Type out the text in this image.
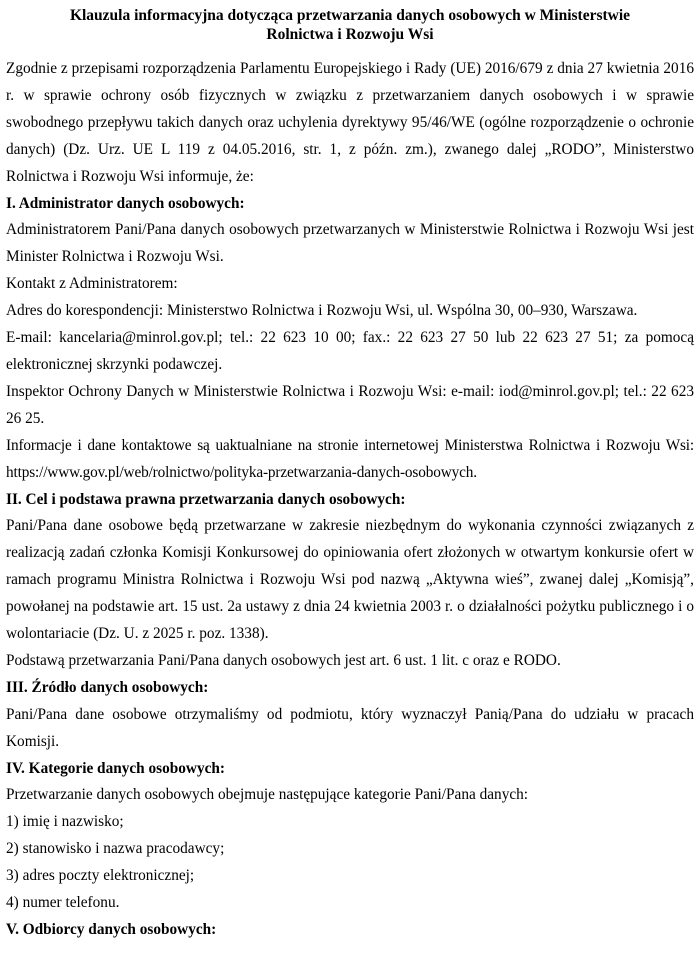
Klauzula informacyjna dotycząca przetwarzania danych osobowych w Ministerstwie
Rolnictwa i Rozwoju Wsi

Zgodnie z przepisami rozporządzenia Parlamentu Europejskiego i Rady (UE) 2016/679 z dnia 27 kwietnia 2016 r. w sprawie ochrony osób fizycznych w związku z przetwarzaniem danych osobowych i w sprawie swobodnego przepływu takich danych oraz uchylenia dyrektywy 95/46/WE (ogólne rozporządzenie o ochronie danych) (Dz. Urz. UE L 119 z 04.05.2016, str. 1, z późn. zm.), zwanego dalej „RODO”, Ministerstwo Rolnictwa i Rozwoju Wsi informuje, że:

I. Administrator danych osobowych:

Administratorem Pani/Pana danych osobowych przetwarzanych w Ministerstwie Rolnictwa i Rozwoju Wsi jest Minister Rolnictwa i Rozwoju Wsi.

Kontakt z Administratorem:

Adres do korespondencji: Ministerstwo Rolnictwa i Rozwoju Wsi, ul. Wspólna 30, 00–930, Warszawa.

E-mail: kancelaria@minrol.gov.pl; tel.: 22 623 10 00; fax.: 22 623 27 50 lub 22 623 27 51; za pomocą elektronicznej skrzynki podawczej.

Inspektor Ochrony Danych w Ministerstwie Rolnictwa i Rozwoju Wsi: e-mail: iod@minrol.gov.pl; tel.: 22 623 26 25.

Informacje i dane kontaktowe są uaktualniane na stronie internetowej Ministerstwa Rolnictwa i Rozwoju Wsi: https://www.gov.pl/web/rolnictwo/polityka-przetwarzania-danych-osobowych.

II. Cel i podstawa prawna przetwarzania danych osobowych:

Pani/Pana dane osobowe będą przetwarzane w zakresie niezbędnym do wykonania czynności związanych z realizacją zadań członka Komisji Konkursowej do opiniowania ofert złożonych w otwartym konkursie ofert w ramach programu Ministra Rolnictwa i Rozwoju Wsi pod nazwą „Aktywna wieś”, zwanej dalej „Komisją”, powołanej na podstawie art. 15 ust. 2a ustawy z dnia 24 kwietnia 2003 r. o działalności pożytku publicznego i o wolontariacie (Dz. U. z 2025 r. poz. 1338).

Podstawą przetwarzania Pani/Pana danych osobowych jest art. 6 ust. 1 lit. c oraz e RODO.

III. Źródło danych osobowych:

Pani/Pana dane osobowe otrzymaliśmy od podmiotu, który wyznaczył Panią/Pana do udziału w pracach Komisji.

IV. Kategorie danych osobowych:

Przetwarzanie danych osobowych obejmuje następujące kategorie Pani/Pana danych:

1) imię i nazwisko;

2) stanowisko i nazwa pracodawcy;

3) adres poczty elektronicznej;

4) numer telefonu.

V. Odbiorcy danych osobowych:
